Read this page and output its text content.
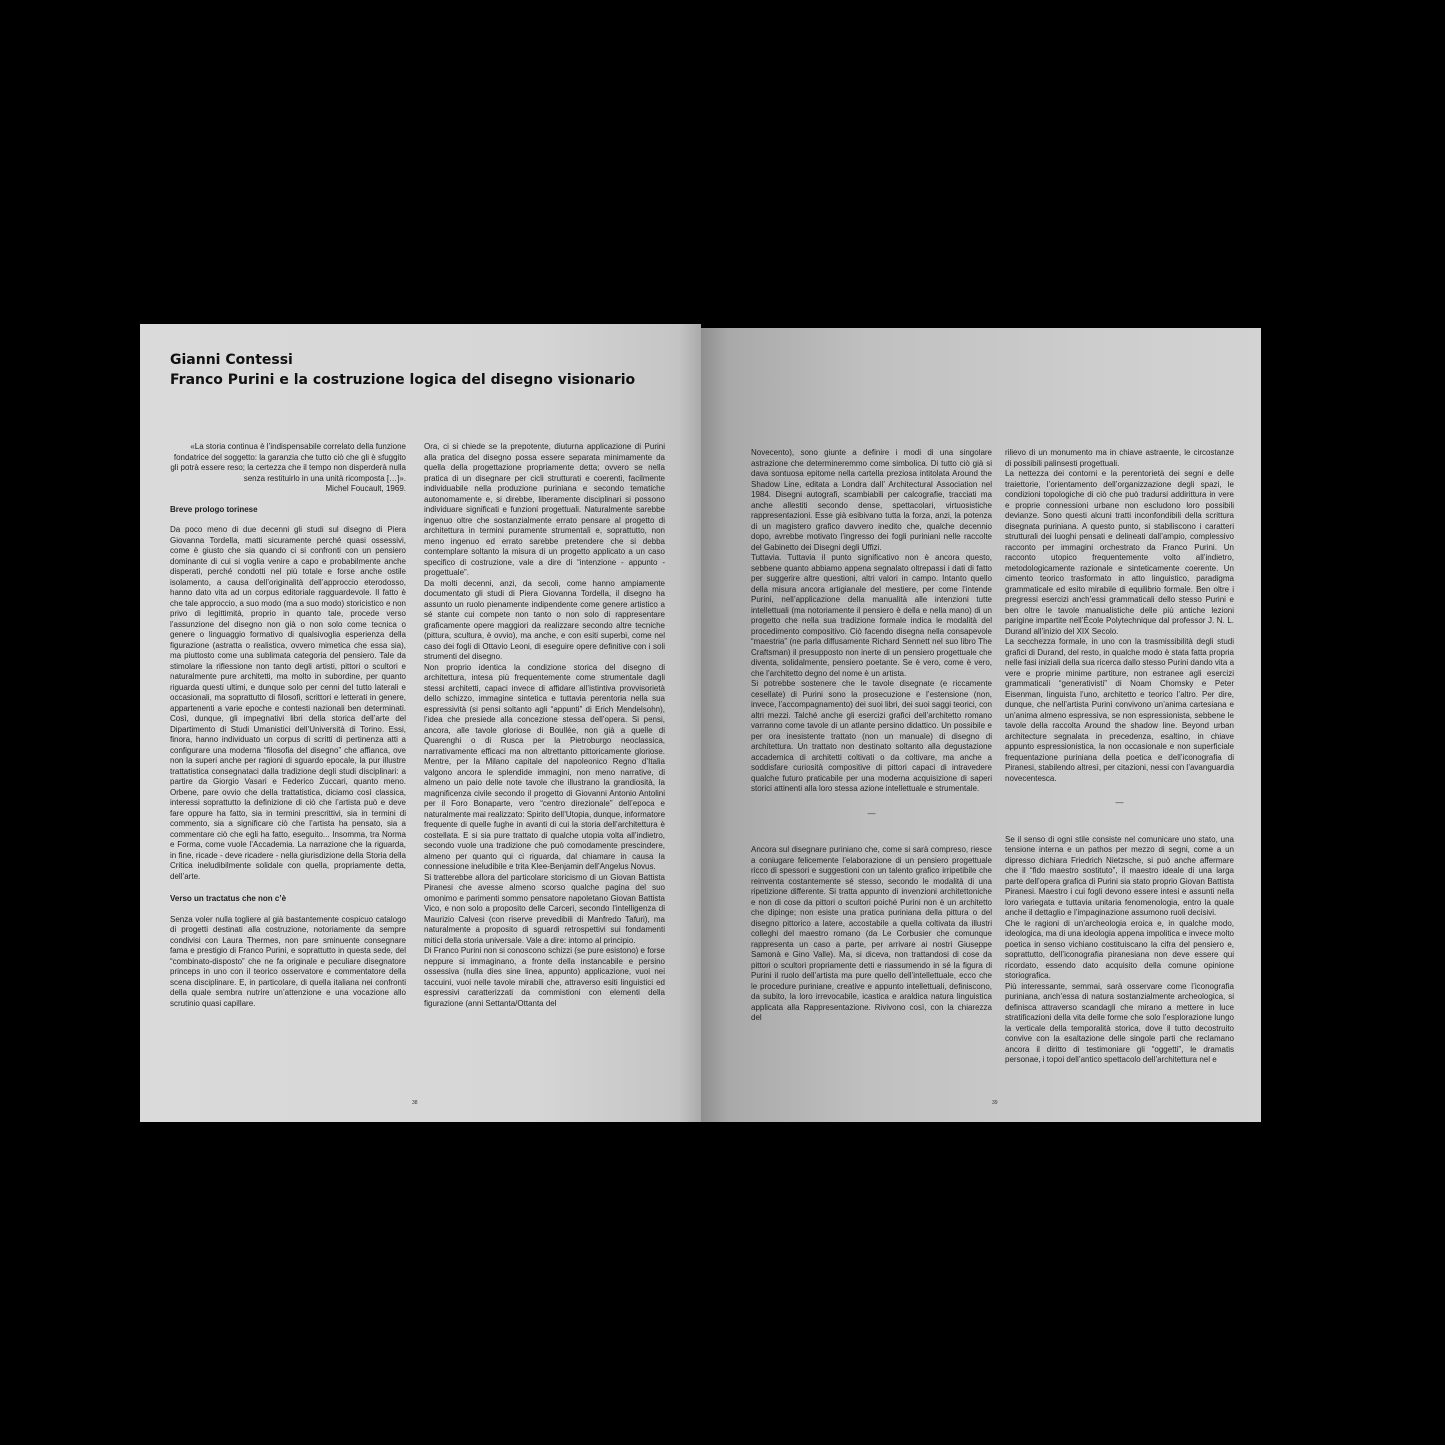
Gianni Contessi
Franco Purini e la costruzione logica del disegno visionario
«La storia continua è l’indispensabile correlato della funzione fondatrice del soggetto: la garanzia che tutto ciò che gli è sfuggito gli potrà essere reso; la certezza che il tempo non disperderà nulla senza restituirlo in una unità ricomposta […]».
Michel Foucault, 1969.
Breve prologo torinese

Da poco meno di due decenni gli studi sul disegno di Piera Giovanna Tordella, matti sicuramente perché quasi ossessivi, come è giusto che sia quando ci si confronti con un pensiero dominante di cui si voglia venire a capo e probabilmente anche disperati, perché condotti nel più totale e forse anche ostile isolamento, a causa dell’originalità dell’approccio eterodosso, hanno dato vita ad un corpus editoriale ragguardevole. Il fatto è che tale approccio, a suo modo (ma a suo modo) storicistico e non privo di legittimità, proprio in quanto tale, procede verso l’assunzione del disegno non già o non solo come tecnica o genere o linguaggio formativo di qualsivoglia esperienza della figurazione (astratta o realistica, ovvero mimetica che essa sia), ma piuttosto come una sublimata categoria del pensiero. Tale da stimolare la riflessione non tanto degli artisti, pittori o scultori e naturalmente pure architetti, ma molto in subordine, per quanto riguarda questi ultimi, e dunque solo per cenni del tutto laterali e occasionali, ma soprattutto di filosofi, scrittori e letterati in genere, appartenenti a varie epoche e contesti nazionali ben determinati. Così, dunque, gli impegnativi libri della storica dell’arte del Dipartimento di Studi Umanistici dell’Università di Torino. Essi, finora, hanno individuato un corpus di scritti di pertinenza atti a configurare una moderna “filosofia del disegno” che affianca, ove non la superi anche per ragioni di sguardo epocale, la pur illustre trattatistica consegnataci dalla tradizione degli studi disciplinari: a partire da Giorgio Vasari e Federico Zuccari, quanto meno. Orbene, pare ovvio che della trattatistica, diciamo così classica, interessi soprattutto la definizione di ciò che l’artista può e deve fare oppure ha fatto, sia in termini prescrittivi, sia in termini di commento, sia a significare ciò che l’artista ha pensato, sia a commentare ciò che egli ha fatto, eseguito... Insomma, tra Norma e Forma, come vuole l’Accademia. La narrazione che la riguarda, in fine, ricade - deve ricadere - nella giurisdizione della Storia della Critica ineludibilmente solidale con quella, propriamente detta, dell’arte.

Verso un tractatus che non c’è

Senza voler nulla togliere al già bastantemente cospicuo catalogo di progetti destinati alla costruzione, notoriamente da sempre condivisi con Laura Thermes, non pare sminuente consegnare fama e prestigio di Franco Purini, e soprattutto in questa sede, del “combinato-disposto” che ne fa originale e peculiare disegnatore princeps in uno con il teorico osservatore e commentatore della scena disciplinare. E, in particolare, di quella italiana nei confronti della quale sembra nutrire un’attenzione e una vocazione allo scrutinio quasi capillare.

Ora, ci si chiede se la prepotente, diuturna applicazione di Purini alla pratica del disegno possa essere separata minimamente da quella della progettazione propriamente detta; ovvero se nella pratica di un disegnare per cicli strutturati e coerenti, facilmente individuabile nella produzione puriniana e secondo tematiche autonomamente e, si direbbe, liberamente disciplinari si possono individuare significati e funzioni progettuali. Naturalmente sarebbe ingenuo oltre che sostanzialmente errato pensare al progetto di architettura in termini puramente strumentali e, soprattutto, non meno ingenuo ed errato sarebbe pretendere che si debba contemplare soltanto la misura di un progetto applicato a un caso specifico di costruzione, vale a dire di “intenzione - appunto - progettuale”.

Da molti decenni, anzi, da secoli, come hanno ampiamente documentato gli studi di Piera Giovanna Tordella, il disegno ha assunto un ruolo pienamente indipendente come genere artistico a sé stante cui compete non tanto o non solo di rappresentare graficamente opere maggiori da realizzare secondo altre tecniche (pittura, scultura, è ovvio), ma anche, e con esiti superbi, come nel caso dei fogli di Ottavio Leoni, di eseguire opere definitive con i soli strumenti del disegno.

Non proprio identica la condizione storica del disegno di architettura, intesa più frequentemente come strumentale dagli stessi architetti, capaci invece di affidare all’istintiva provvisorietà dello schizzo, immagine sintetica e tuttavia perentoria nella sua espressività (si pensi soltanto agli “appunti” di Erich Mendelsohn), l’idea che presiede alla concezione stessa dell’opera. Si pensi, ancora, alle tavole gloriose di Boullée, non già a quelle di Quarenghi o di Rusca per la Pietroburgo neoclassica, narrativamente efficaci ma non altrettanto pittoricamente gloriose. Mentre, per la Milano capitale del napoleonico Regno d’Italia valgono ancora le splendide immagini, non meno narrative, di almeno un paio delle note tavole che illustrano la grandiosità, la magnificenza civile secondo il progetto di Giovanni Antonio Antolini per il Foro Bonaparte, vero “centro direzionale” dell’epoca e naturalmente mai realizzato: Spirito dell’Utopia, dunque, informatore frequente di quelle fughe in avanti di cui la storia dell’architettura è costellata. E si sia pure trattato di qualche utopia volta all’indietro, secondo vuole una tradizione che può comodamente prescindere, almeno per quanto qui ci riguarda, dal chiamare in causa la connessione ineludibile e trita Klee-Benjamin dell’Angelus Novus.

Si tratterebbe allora del particolare storicismo di un Giovan Battista Piranesi che avesse almeno scorso qualche pagina del suo omonimo e parimenti sommo pensatore napoletano Giovan Battista Vico, e non solo a proposito delle Carceri, secondo l’intelligenza di Maurizio Calvesi (con riserve prevedibili di Manfredo Tafuri), ma naturalmente a proposito di sguardi retrospettivi sui fondamenti mitici della storia universale. Vale a dire: intorno al principio.

Di Franco Purini non si conoscono schizzi (se pure esistono) e forse neppure si immaginano, a fronte della instancabile e persino ossessiva (nulla dies sine linea, appunto) applicazione, vuoi nei taccuini, vuoi nelle tavole mirabili che, attraverso esiti linguistici ed espressivi caratterizzati da commistioni con elementi della figurazione (anni Settanta/Ottanta del

38

Novecento), sono giunte a definire i modi di una singolare astrazione che determineremmo come simbolica. Di tutto ciò già si dava sontuosa epitome nella cartella preziosa intitolata Around the Shadow Line, editata a Londra dall’ Architectural Association nel 1984. Disegni autografi, scambiabili per calcografie, tracciati ma anche allestiti secondo dense, spettacolari, virtuosistiche rappresentazioni. Esse già esibivano tutta la forza, anzi, la potenza di un magistero grafico davvero inedito che, qualche decennio dopo, avrebbe motivato l’ingresso dei fogli puriniani nelle raccolte del Gabinetto dei Disegni degli Uffizi.

Tuttavia. Tuttavia il punto significativo non è ancora questo, sebbene quanto abbiamo appena segnalato oltrepassi i dati di fatto per suggerire altre questioni, altri valori in campo. Intanto quello della misura ancora artigianale del mestiere, per come l’intende Purini, nell’applicazione della manualità alle intenzioni tutte intellettuali (ma notoriamente il pensiero è della e nella mano) di un progetto che nella sua tradizione formale indica le modalità del procedimento compositivo. Ciò facendo disegna nella consapevole “maestria” (ne parla diffusamente Richard Sennett nel suo libro The Craftsman) il presupposto non inerte di un pensiero progettuale che diventa, solidalmente, pensiero poetante. Se è vero, come è vero, che l’architetto degno del nome è un artista.

Si potrebbe sostenere che le tavole disegnate (e riccamente cesellate) di Purini sono la prosecuzione e l’estensione (non, invece, l’accompagnamento) dei suoi libri, dei suoi saggi teorici, con altri mezzi. Talché anche gli esercizi grafici dell’architetto romano varranno come tavole di un atlante persino didattico. Un possibile e per ora inesistente trattato (non un manuale) di disegno di architettura. Un trattato non destinato soltanto alla degustazione accademica di architetti coltivati o da coltivare, ma anche a soddisfare curiosità compositive di pittori capaci di intravedere qualche futuro praticabile per una moderna acquisizione di saperi storici attinenti alla loro stessa azione intellettuale e strumentale.

—

Ancora sul disegnare puriniano che, come si sarà compreso, riesce a coniugare felicemente l’elaborazione di un pensiero progettuale ricco di spessori e suggestioni con un talento grafico irripetibile che reinventa costantemente sé stesso, secondo le modalità di una ripetizione differente. Si tratta appunto di invenzioni architettoniche e non di cose da pittori o scultori poiché Purini non è un architetto che dipinge; non esiste una pratica puriniana della pittura o del disegno pittorico a latere, accostabile a quella coltivata da illustri colleghi del maestro romano (da Le Corbusier che comunque rappresenta un caso a parte, per arrivare ai nostri Giuseppe Samonà e Gino Valle). Ma, si diceva, non trattandosi di cose da pittori o scultori propriamente detti e riassumendo in sé la figura di Purini il ruolo dell’artista ma pure quello dell’intellettuale, ecco che le procedure puriniane, creative e appunto intellettuali, definiscono, da subito, la loro irrevocabile, icastica e araldica natura linguistica applicata alla Rappresentazione. Rivivono così, con la chiarezza del

rilievo di un monumento ma in chiave astraente, le circostanze di possibili palinsesti progettuali.

La nettezza dei contorni e la perentorietà dei segni e delle traiettorie, l’orientamento dell’organizzazione degli spazi, le condizioni topologiche di ciò che può tradursi addirittura in vere e proprie connessioni urbane non escludono loro possibili devianze. Sono questi alcuni tratti inconfondibili della scrittura disegnata puriniana. A questo punto, si stabiliscono i caratteri strutturali dei luoghi pensati e delineati dall’ampio, complessivo racconto per immagini orchestrato da Franco Purini. Un racconto utopico frequentemente volto all’indietro, metodologicamente razionale e sinteticamente coerente. Un cimento teorico trasformato in atto linguistico, paradigma grammaticale ed esito mirabile di equilibrio formale. Ben oltre i pregressi esercizi anch’essi grammaticali dello stesso Purini e ben oltre le tavole manualistiche delle più antiche lezioni parigine impartite nell’École Polytechnique dal professor J. N. L. Durand all’inizio del XIX Secolo.

La secchezza formale, in uno con la trasmissibilità degli studi grafici di Durand, del resto, in qualche modo è stata fatta propria nelle fasi iniziali della sua ricerca dallo stesso Purini dando vita a vere e proprie minime partiture, non estranee agli esercizi grammaticali “generativisti” di Noam Chomsky e Peter Eisenman, linguista l’uno, architetto e teorico l’altro. Per dire, dunque, che nell’artista Purini convivono un’anima cartesiana e un’anima almeno espressiva, se non espressionista, sebbene le tavole della raccolta Around the shadow line. Beyond urban architecture segnalata in precedenza, esaltino, in chiave appunto espressionistica, la non occasionale e non superficiale frequentazione puriniana della poetica e dell’iconografia di Piranesi, stabilendo altresì, per citazioni, nessi con l’avanguardia novecentesca.

—

Se il senso di ogni stile consiste nel comunicare uno stato, una tensione interna e un pathos per mezzo di segni, come a un dipresso dichiara Friedrich Nietzsche, si può anche affermare che il “fido maestro sostituto”, il maestro ideale di una larga parte dell’opera grafica di Purini sia stato proprio Giovan Battista Piranesi. Maestro i cui fogli devono essere intesi e assunti nella loro variegata e tuttavia unitaria fenomenologia, entro la quale anche il dettaglio e l’impaginazione assumono ruoli decisivi.

Che le ragioni di un’archeologia eroica e, in qualche modo, ideologica, ma di una ideologia appena impolitica e invece molto poetica in senso vichiano costituiscano la cifra del pensiero e, soprattutto, dell’iconografia piranesiana non deve essere qui ricordato, essendo dato acquisito della comune opinione storiografica.

Più interessante, semmai, sarà osservare come l’iconografia puriniana, anch’essa di natura sostanzialmente archeologica, si definisca attraverso scandagli che mirano a mettere in luce stratificazioni della vita delle forme che solo l’esplorazione lungo la verticale della temporalità storica, dove il tutto decostruito convive con la esaltazione delle singole parti che reclamano ancora il diritto di testimoniare gli “oggetti”, le dramatis personae, i topoi dell’antico spettacolo dell’architettura nel e

39
